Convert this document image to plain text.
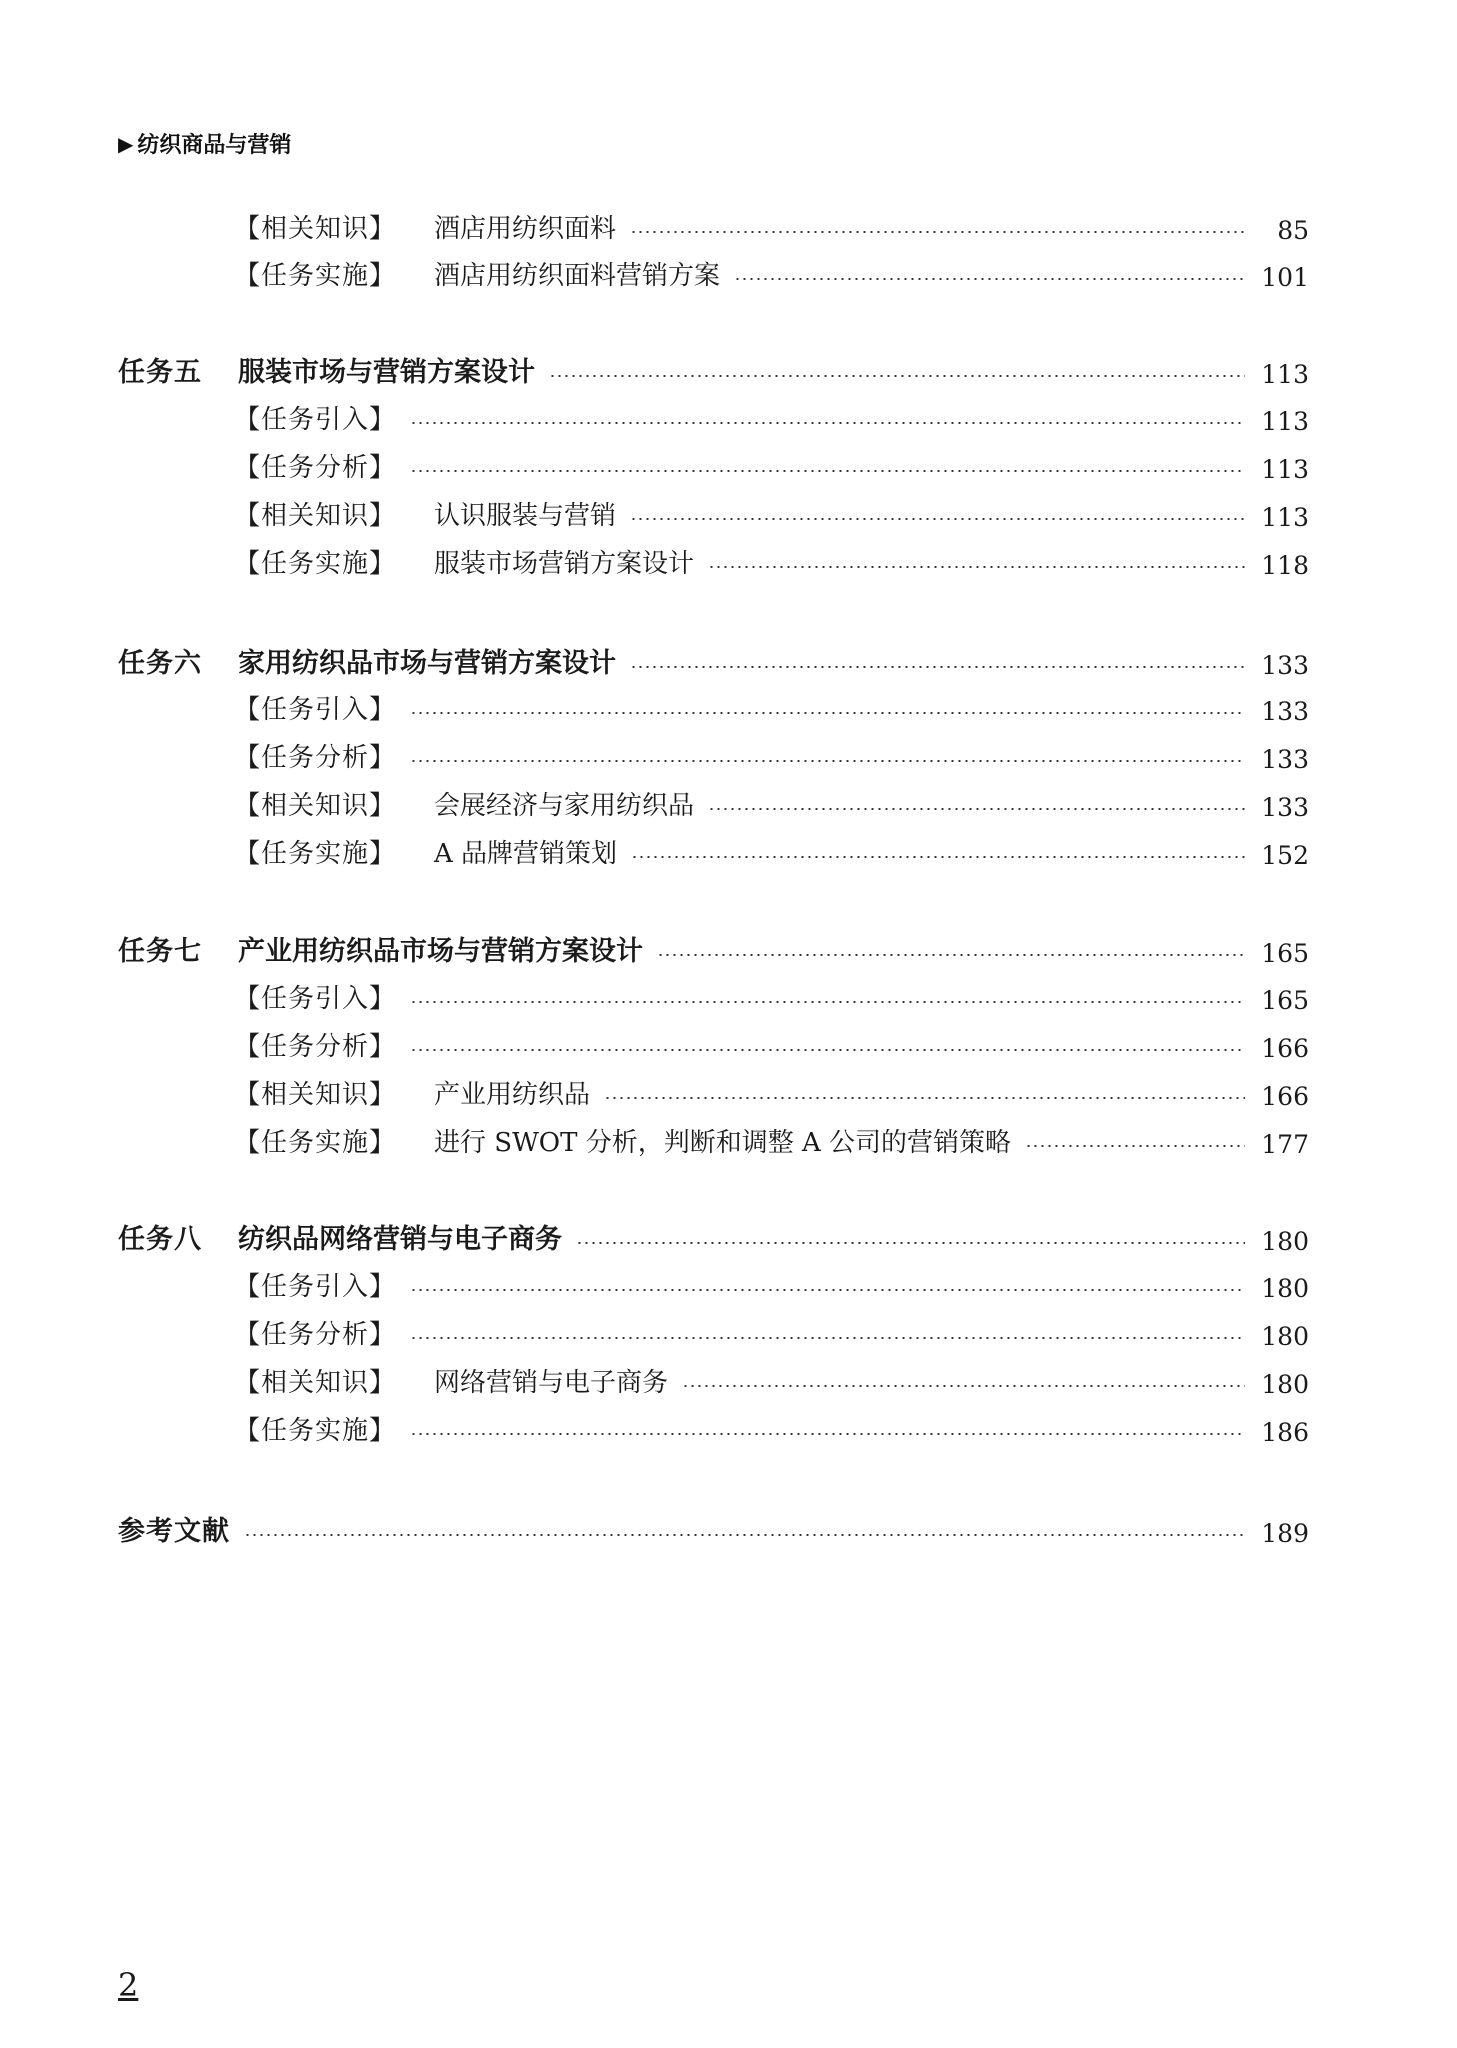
▶ 纺织商品与营销
【相关知识】 酒店用纺织面料	85
【任务实施】 酒店用纺织面料营销方案	101
任务五 服装市场与营销方案设计	113
【任务引入】	113
【任务分析】	113
【相关知识】 认识服装与营销	113
【任务实施】 服装市场营销方案设计	118
任务六 家用纺织品市场与营销方案设计	133
【任务引入】	133
【任务分析】	133
【相关知识】 会展经济与家用纺织品	133
【任务实施】 A 品牌营销策划	152
任务七 产业用纺织品市场与营销方案设计	165
【任务引入】	165
【任务分析】	166
【相关知识】 产业用纺织品	166
【任务实施】 进行 SWOT 分析，判断和调整 A 公司的营销策略	177
任务八 纺织品网络营销与电子商务	180
【任务引入】	180
【任务分析】	180
【相关知识】 网络营销与电子商务	180
【任务实施】	186
参考文献	189
2
